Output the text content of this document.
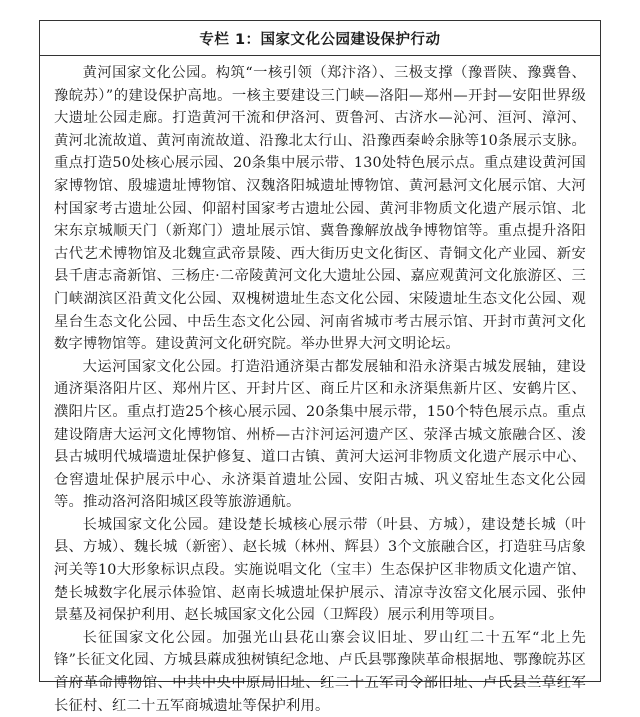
专栏 1：国家文化公园建设保护行动

黄河国家文化公园。构筑“一核引领（郑汴洛）、三极支撑（豫晋陕、豫冀鲁、豫皖苏）”的建设保护高地。一核主要建设三门峡—洛阳—郑州—开封—安阳世界级大遗址公园走廊。打造黄河干流和伊洛河、贾鲁河、古济水—沁河、洹河、漳河、黄河北流故道、黄河南流故道、沿豫北太行山、沿豫西秦岭余脉等10条展示支脉。重点打造50处核心展示园、20条集中展示带、130处特色展示点。重点建设黄河国家博物馆、殷墟遗址博物馆、汉魏洛阳城遗址博物馆、黄河悬河文化展示馆、大河村国家考古遗址公园、仰韶村国家考古遗址公园、黄河非物质文化遗产展示馆、北宋东京城顺天门（新郑门）遗址展示馆、冀鲁豫解放战争博物馆等。重点提升洛阳古代艺术博物馆及北魏宣武帝景陵、西大街历史文化街区、青铜文化产业园、新安县千唐志斋新馆、三杨庄·二帝陵黄河文化大遗址公园、嘉应观黄河文化旅游区、三门峡湖滨区沿黄文化公园、双槐树遗址生态文化公园、宋陵遗址生态文化公园、观星台生态文化公园、中岳生态文化公园、河南省城市考古展示馆、开封市黄河文化数字博物馆等。建设黄河文化研究院。举办世界大河文明论坛。

大运河国家文化公园。打造沿通济渠古都发展轴和沿永济渠古城发展轴，建设通济渠洛阳片区、郑州片区、开封片区、商丘片区和永济渠焦新片区、安鹤片区、濮阳片区。重点打造25个核心展示园、20条集中展示带，150个特色展示点。重点建设隋唐大运河文化博物馆、州桥—古汴河运河遗产区、荥泽古城文旅融合区、浚县古城明代城墙遗址保护修复、道口古镇、黄河大运河非物质文化遗产展示中心、仓窖遗址保护展示中心、永济渠首遗址公园、安阳古城、巩义窑址生态文化公园等。推动洛河洛阳城区段等旅游通航。

长城国家文化公园。建设楚长城核心展示带（叶县、方城），建设楚长城（叶县、方城）、魏长城（新密）、赵长城（林州、辉县）3个文旅融合区，打造驻马店象河关等10大形象标识点段。实施说唱文化（宝丰）生态保护区非物质文化遗产馆、楚长城数字化展示体验馆、赵南长城遗址保护展示、清凉寺汝窑文化展示园、张仲景墓及祠保护利用、赵长城国家文化公园（卫辉段）展示利用等项目。

长征国家文化公园。加强光山县花山寨会议旧址、罗山红二十五军“北上先锋”长征文化园、方城县蔴成独树镇纪念地、卢氏县鄂豫陕革命根据地、鄂豫皖苏区首府革命博物馆、中共中央中原局旧址、红二十五军司令部旧址、卢氏县兰草红军长征村、红二十五军商城遗址等保护利用。
